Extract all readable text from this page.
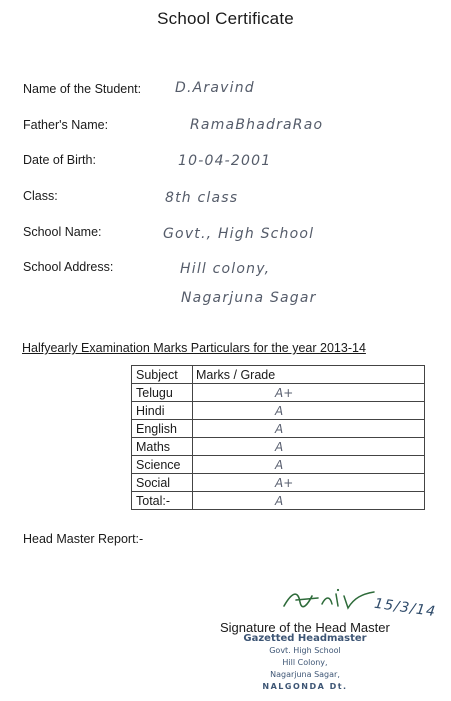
School Certificate
Name of the Student: D.Aravind
Father's Name:	RamaBhadraRao
Date of Birth:	10-04-2001
Class:	8th class
School Name:	Govt., High School
School Address:	Hill colony,
Nagarjuna Sagar
Halfyearly Examination Marks Particulars for the year 2013-14
Subject	Marks / Grade
Telugu	A+
Hindi	A
English	A
Maths	A
Science	A
Social	A+
Total:-	A
Head Master Report:-
15/3/14
Signature of the Head Master
Gazetted Headmaster
Govt. High School
Hill Colony,
Nagarjuna Sagar,
NALGONDA Dt.
